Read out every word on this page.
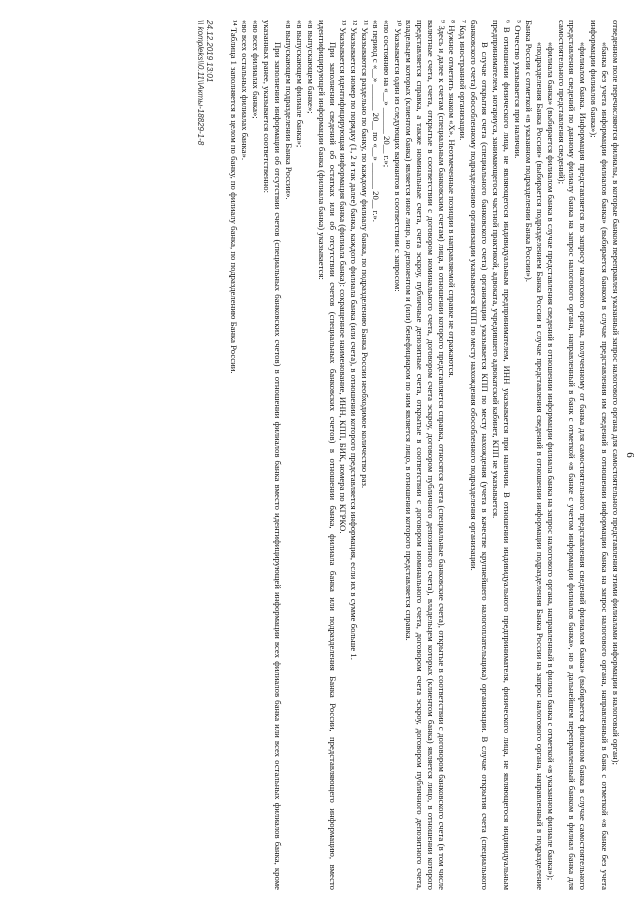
6

отведенном поле перечисляются филиалы, в которые банком переправлен указанный запрос налогового органа для самостоятельного представления этими филиалами информации в налоговый орган);

«банка без учета информации филиалов банка» (выбирается банком в случае представления им сведений в отношении информации банка на запрос налогового органа, направленный в банк с отметкой «в банке без учета информации филиалов банка»);

«филиалом банка. Информация представляется по запросу налогового органа, полученному от банка для самостоятельного представления сведений филиалом банка» (выбирается филиалом банка в случае самостоятельного представления сведений по данному филиалу банка на запрос налогового органа, направленный в банк с отметкой «в банке с учетом информации филиалов банка», но в дальнейшем переправленный банком в филиал банка для самостоятельного представления сведений);

«филиала банка» (выбирается филиалом банка в случае представления сведений в отношении информации филиала банка на запрос налогового органа, направленный в филиал банка с отметкой «в указанном филиале банка»);

«подразделения Банка России» (выбирается подразделением Банка России в случае представления сведений в отношении информации подразделения Банка России на запрос налогового органа, направленный в подразделение Банка России с отметкой «в указанном подразделении Банка России»).

⁵ Отчество указывается при наличии.

⁶ В отношении физического лица, не являющегося индивидуальным предпринимателем, ИНН указывается при наличии. В отношении индивидуального предпринимателя, физического лица, не являющегося индивидуальным предпринимателем, нотариуса, занимающегося частной практикой, адвоката, учредившего адвокатский кабинет, КПП не указывается.

В случае открытия счета (специального банковского счета) организации указывается КПП по месту нахождения (учета в качестве крупнейшего налогоплательщика) организации. В случае открытия счета (специального банковского счета) обособленному подразделению организации указывается КПП по месту нахождения обособленного подразделения организации.

⁷ Код иностранной организации.

⁸ Нужное отметить знаком «X». Неотмеченные позиции в направляемой справке не отражаются.

⁹ Здесь и далее к счетам (специальным банковским счетам) лица, в отношении которого представляется справка, относятся счета (специальные банковские счета), открытые в соответствии с договором банковского счета (в том числе валютные счета, счета, открытые в соответствии с договором номинального счета, договором счета эскроу, договором публичного депозитного счета), владельцем которых (клиентом банка) является лицо, в отношении которого представляется справка, а также номинальные счета, счета эскроу, публичные депозитные счета, открытые в соответствии с договором номинального счета, договором счета эскроу, договором публичного депозитного счета, владельцем которых (клиентом банка) является иное лицо, но депонентом и (или) бенефициаром по ним является лицо, в отношении которого представляется справка.

¹⁰ Указывается один из следующих вариантов в соответствии с запросом:

«по состоянию на «__» ______ 20__ г.»;

«в период с «__» ______ 20__ по «__» ______ 20__ г.».

¹¹ Указываются раздельно по банку, по каждому филиалу банка, по подразделению Банка России необходимое количество раз.

¹² Указывается номер по порядку (1, 2 и так далее) банка, каждого филиала банка (или счета), в отношении которого представляется информация, если их в сумме больше 1.

¹³ Указывается идентифицирующая информация банка (филиала банка): сокращенное наименование, ИНН, КПП, БИК, номера по КГРКО.

При заполнении сведений об остатках или об отсутствии счетов (специальных банковских счетов) в отношении банка, филиала банка или подразделения Банка России, представляющего информацию, вместо идентифицирующей информации банка (филиала банка) указывается:

«в выпускающем банке»;

«в выпускающем филиале банка»;

«в выпускающем подразделении Банка России».

При заполнении информации об отсутствии счетов (специальных банковских счетов) в отношении филиалов банка вместо идентифицирующей информации всех филиалов банка или всех остальных филиалов банка, кроме указанных ранее, указывается соответственно:

«во всех филиалах банка»;

«во всех остальных филиалах банка».

¹⁴ Таблица 1 заполняется в целом по банку, по филиалу банка, по подразделению Банка России.

24.12.2019 13:01
\\ kompleks\\0.11\\Акты-18829-1-8
